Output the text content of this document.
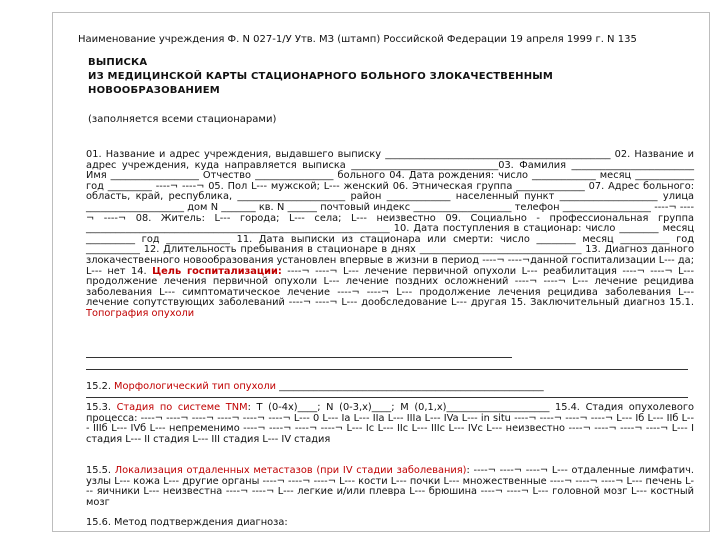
Наименование учреждения Ф. N 027-1/У Утв. МЗ (штамп) Российской Федерации 19 апреля 1999 г. N 135
ВЫПИСКА
ИЗ МЕДИЦИНСКОЙ КАРТЫ СТАЦИОНАРНОГО БОЛЬНОГО ЗЛОКАЧЕСТВЕННЫМ
НОВООБРАЗОВАНИЕМ
(заполняется всеми стационарами)

01. Название и адрес учреждения, выдавшего выписку ______________________________________________ 02. Название и адрес учреждения, куда направляется выписка ______________________________03. Фамилия _________________________ Имя __________________ Отчество ________________ больного 04. Дата рождения: число _____________ месяц ____________ год _________ ----¬ ----¬ 05. Пол L--- мужской; L--- женский 06. Этническая группа ______________ 07. Адрес больного: область, край, республика, ______________________ район _____________ населенный пункт ____________________ улица ____________________ дом N _______ кв. N ______ почтовый индекс ____________________ телефон __________________ ----¬ ----¬ ----¬ 08. Житель: L--- города; L--- села; L--- неизвестно 09. Социально - профессиональная группа ______________________________________________________________ 10. Дата поступления в стационар: число ________ месяц __________ год _____________ 11. Дата выписки из стационара или смерти: число ________ месяц __________ год ___________ 12. Длительность пребывания в стационаре в днях _________________________________ 13. Диагноз данного злокачественного новообразования установлен впервые в жизни в период ----¬ ----¬данной госпитализации L--- да; L--- нет 14. Цель госпитализации: ----¬ ----¬ L--- лечение первичной опухоли L--- реабилитация ----¬ ----¬ L--- продолжение лечения первичной опухоли L--- лечение поздних осложнений ----¬ ----¬ L--- лечение рецидива заболевания L--- симптоматическое лечение ----¬ ----¬ L--- продолжение лечения рецидива заболевания L--- лечение сопутствующих заболеваний ----¬ ----¬ L--- дообследование L--- другая 15. Заключительный диагноз 15.1. Топография опухоли

15.2. Морфологический тип опухоли ______________________________________________________
15.3. Стадия по системе TNM: T (0-4x)____; N (0-3,x)____; M (0,1,x)_____________________ 15.4. Стадия опухолевого процесса: ----¬ ----¬ ----¬ ----¬ ----¬ ----¬ L--- 0 L--- Ia L--- IIa L--- IIIa L--- IVa L--- in situ ----¬ ----¬ ----¬ ----¬ L--- Iб L--- IIб L--- IIIб L--- IVб L--- непременимо ----¬ ----¬ ----¬ ----¬ L--- Ic L--- IIc L--- IIIc L--- IVc L--- неизвестно ----¬ ----¬ ----¬ ----¬ L--- I стадия L--- II стадия L--- III стадия L--- IV стадия
15.5. Локализация отдаленных метастазов (при IV стадии заболевания): ----¬ ----¬ ----¬ L--- отдаленные лимфатич. узлы L--- кожа L--- другие органы ----¬ ----¬ ----¬ L--- кости L--- почки L--- множественные ----¬ ----¬ ----¬ L--- печень L--- яичники L--- неизвестна ----¬ ----¬ L--- легкие и/или плевра L--- брюшина ----¬ ----¬ L--- головной мозг L--- костный мозг
15.6. Метод подтверждения диагноза:
